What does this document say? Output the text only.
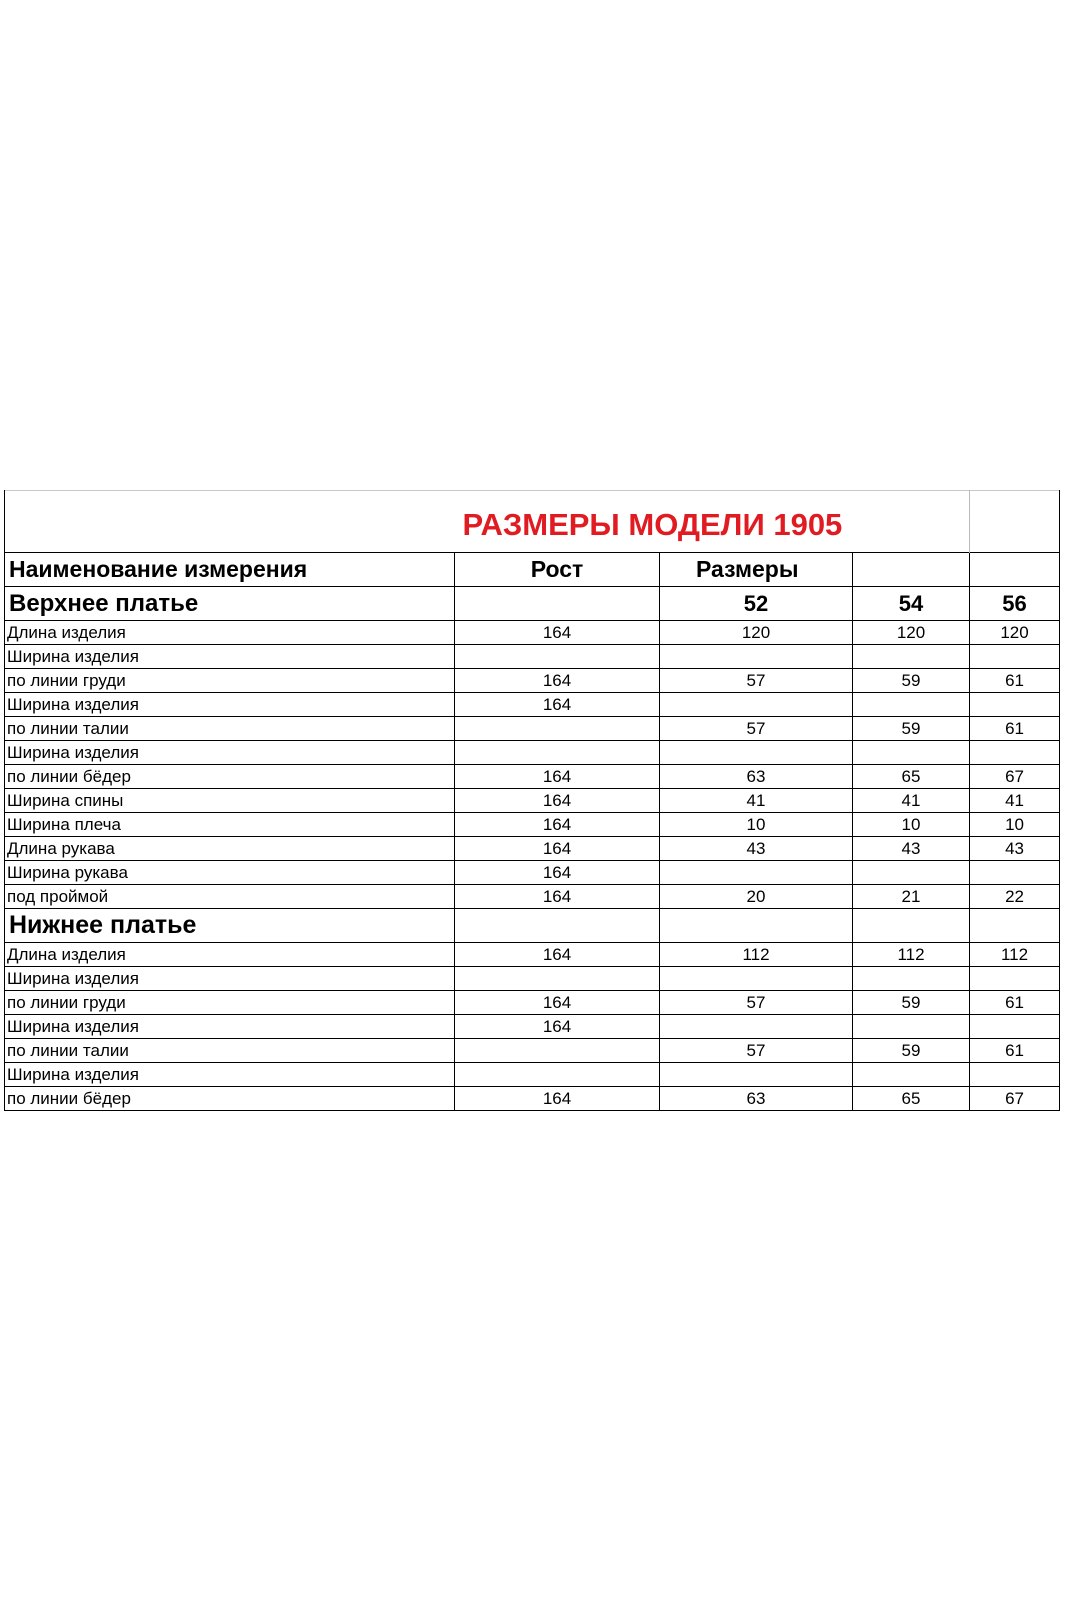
	РАЗМЕРЫ МОДЕЛИ 1905			
Наименование измерения	Рост	Размеры		
Верхнее платье		52	54	56
Длина изделия	164	120	120	120
Ширина изделия				
по линии груди	164	57	59	61
Ширина изделия	164			
по линии талии		57	59	61
Ширина изделия				
по линии бёдер	164	63	65	67
Ширина спины	164	41	41	41
Ширина плеча	164	10	10	10
Длина рукава	164	43	43	43
Ширина рукава	164			
под проймой	164	20	21	22
Нижнее платье				
Длина изделия	164	112	112	112
Ширина изделия				
по линии груди	164	57	59	61
Ширина изделия	164			
по линии талии		57	59	61
Ширина изделия				
по линии бёдер	164	63	65	67
